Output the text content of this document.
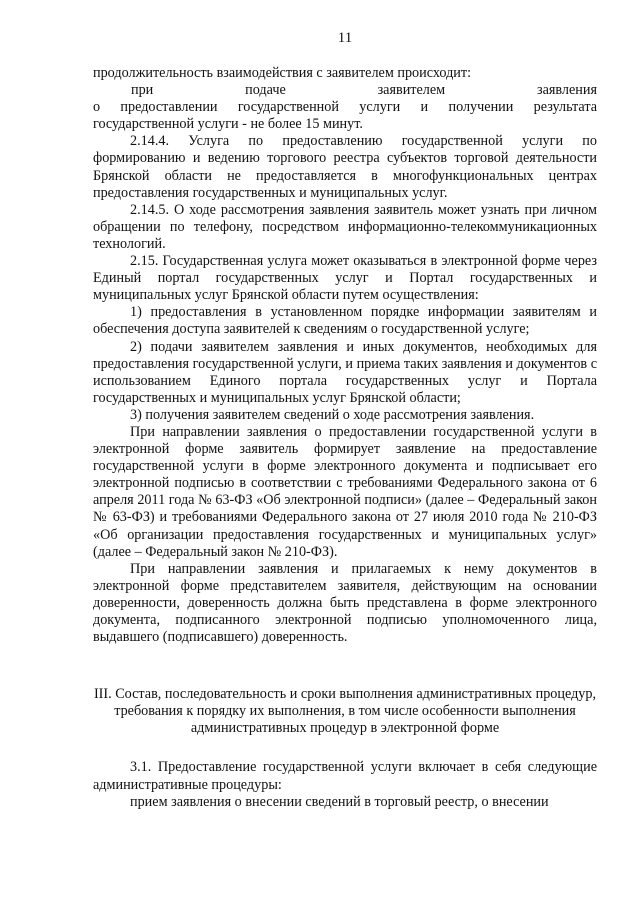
11

продолжительность взаимодействия с заявителем происходит:

при подаче заявителем заявления

о предоставлении государственной услуги и получении результата государственной услуги - не более 15 минут.

2.14.4. Услуга по предоставлению государственной услуги по формированию и ведению торгового реестра субъектов торговой деятельности Брянской области не предоставляется в многофункциональных центрах предоставления государственных и муниципальных услуг.

2.14.5. О ходе рассмотрения заявления заявитель может узнать при личном обращении по телефону, посредством информационно-телекоммуникационных технологий.

2.15. Государственная услуга может оказываться в электронной форме через Единый портал государственных услуг и Портал государственных и муниципальных услуг Брянской области путем осуществления:

1) предоставления в установленном порядке информации заявителям и обеспечения доступа заявителей к сведениям о государственной услуге;

2) подачи заявителем заявления и иных документов, необходимых для предоставления государственной услуги, и приема таких заявления и документов с использованием Единого портала государственных услуг и Портала государственных и муниципальных услуг Брянской области;

3) получения заявителем сведений о ходе рассмотрения заявления.

При направлении заявления о предоставлении государственной услуги в электронной форме заявитель формирует заявление на предоставление государственной услуги в форме электронного документа и подписывает его электронной подписью в соответствии с требованиями Федерального закона от 6 апреля 2011 года № 63-ФЗ «Об электронной подписи» (далее – Федеральный закон № 63-ФЗ) и требованиями Федерального закона от 27 июля 2010 года № 210-ФЗ «Об организации предоставления государственных и муниципальных услуг» (далее – Федеральный закон № 210-ФЗ).

При направлении заявления и прилагаемых к нему документов в электронной форме представителем заявителя, действующим на основании доверенности, доверенность должна быть представлена в форме электронного документа, подписанного электронной подписью уполномоченного лица, выдавшего (подписавшего) доверенность.

III. Состав, последовательность и сроки выполнения административных процедур, требования к порядку их выполнения, в том числе особенности выполнения административных процедур в электронной форме

3.1. Предоставление государственной услуги включает в себя следующие административные процедуры:

прием заявления о внесении сведений в торговый реестр, о внесении
